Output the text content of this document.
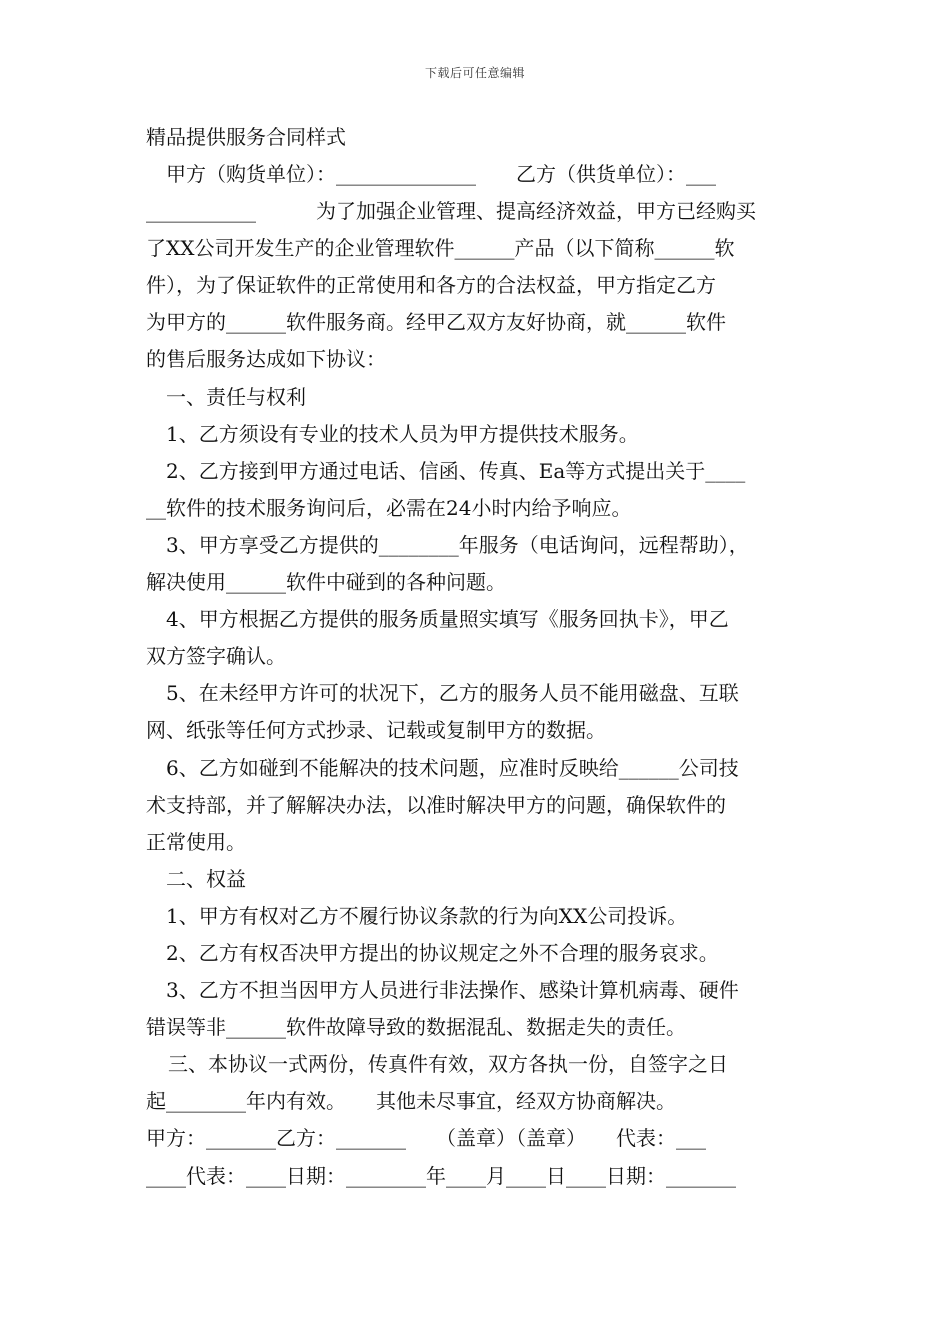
下载后可任意编辑
精品提供服务合同样式
甲方（购货单位）：______________　　乙方（供货单位）：___
___________　　　为了加强企业管理、提高经济效益，甲方已经购买
了XX公司开发生产的企业管理软件______产品（以下简称______软
件），为了保证软件的正常使用和各方的合法权益，甲方指定乙方
为甲方的______软件服务商。经甲乙双方友好协商，就______软件
的售后服务达成如下协议：
一、责任与权利
1、乙方须设有专业的技术人员为甲方提供技术服务。
2、乙方接到甲方通过电话、信函、传真、Ea等方式提出关于____
__软件的技术服务询问后，必需在24小时内给予响应。
3、甲方享受乙方提供的________年服务（电话询问，远程帮助），
解决使用______软件中碰到的各种问题。
4、甲方根据乙方提供的服务质量照实填写《服务回执卡》，甲乙
双方签字确认。
5、在未经甲方许可的状况下，乙方的服务人员不能用磁盘、互联
网、纸张等任何方式抄录、记载或复制甲方的数据。
6、乙方如碰到不能解决的技术问题，应准时反映给______公司技
术支持部，并了解解决办法，以准时解决甲方的问题，确保软件的
正常使用。
二、权益
1、甲方有权对乙方不履行协议条款的行为向XX公司投诉。
2、乙方有权否决甲方提出的协议规定之外不合理的服务哀求。
3、乙方不担当因甲方人员进行非法操作、感染计算机病毒、硬件
错误等非______软件故障导致的数据混乱、数据走失的责任。
三、本协议一式两份，传真件有效，双方各执一份，自签字之日
起________年内有效。　　其他未尽事宜，经双方协商解决。
甲方：_______乙方：_______　　（盖章）（盖章）　　代表：___
____代表：____日期：________年____月____日____日期：_______
